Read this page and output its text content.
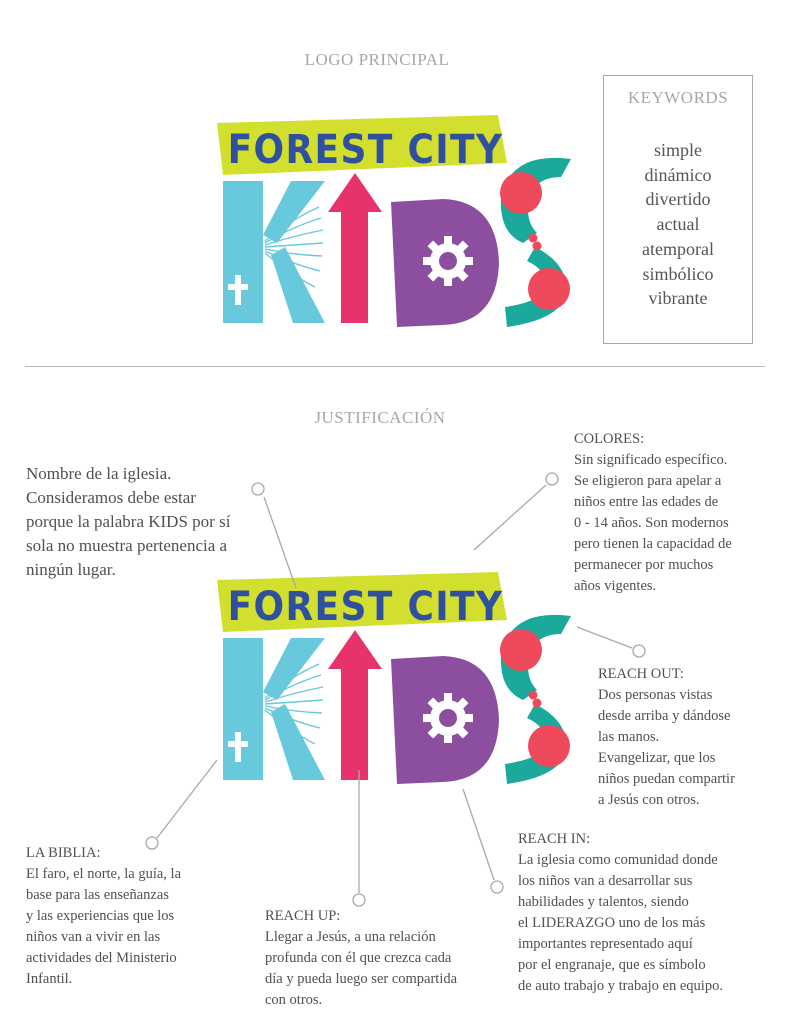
LOGO PRINCIPAL
KEYWORDS
simple
dinámico
divertido
actual
atemporal
simbólico
vibrante
JUSTIFICACIÓN
Nombre de la iglesia.
Consideramos debe estar
porque la palabra KIDS por sí
sola no muestra pertenencia a
ningún lugar.
COLORES:
Sin significado específico.
Se eligieron para apelar a
niños entre las edades de
0 - 14 años. Son modernos
pero tienen la capacidad de
permanecer por muchos
años vigentes.
REACH OUT:
Dos personas vistas
desde arriba y dándose
las manos.
Evangelizar, que los
niños puedan compartir
a Jesús con otros.
LA BIBLIA:
El faro, el norte, la guía, la
base para las enseñanzas
y las experiencias que los
niños van a vivir en las
actividades del Ministerio
Infantil.
REACH UP:
Llegar a Jesús, a una relación
profunda con él que crezca cada
día y pueda luego ser compartida
con otros.
REACH IN:
La iglesia como comunidad donde
los niños van a desarrollar sus
habilidades y talentos, siendo
el LIDERAZGO uno de los más
importantes representado aquí
por el engranaje, que es símbolo
de auto trabajo y trabajo en equipo.
